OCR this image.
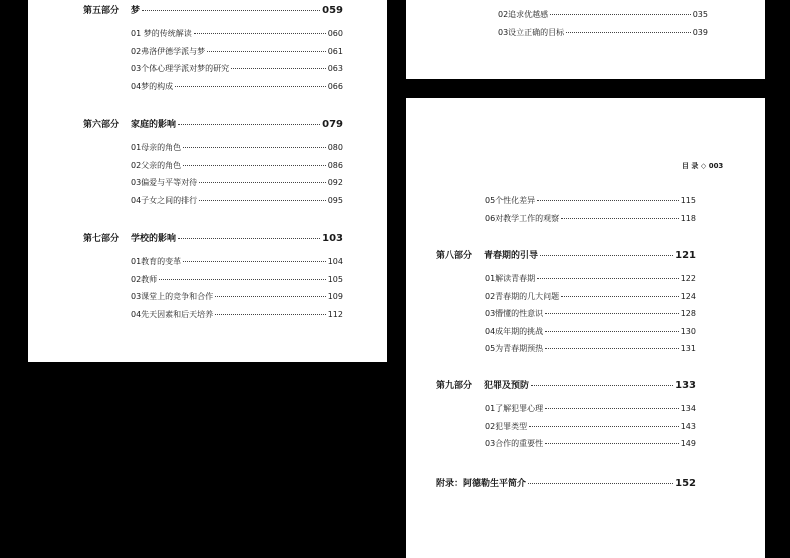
第五部分	梦	059
01 梦的传统解读	060
02弗洛伊德学派与梦	061
03个体心理学派对梦的研究	063
04梦的构成	066
第六部分	家庭的影响	079
01母亲的角色	080
02父亲的角色	086
03偏爱与平等对待	092
04子女之间的排行	095
第七部分	学校的影响	103
01教育的变革	104
02教师	105
03课堂上的竞争和合作	109
04先天因素和后天培养	112
02追求优越感	035
03设立正确的目标	039
目 录 ◇ 003
05个性化差异	115
06对教学工作的观察	118
第八部分	青春期的引导	121
01解读青春期	122
02青春期的几大问题	124
03懵懂的性意识	128
04成年期的挑战	130
05为青春期预热	131
第九部分	犯罪及预防	133
01了解犯罪心理	134
02犯罪类型	143
03合作的重要性	149
附录：阿德勒生平简介	152
